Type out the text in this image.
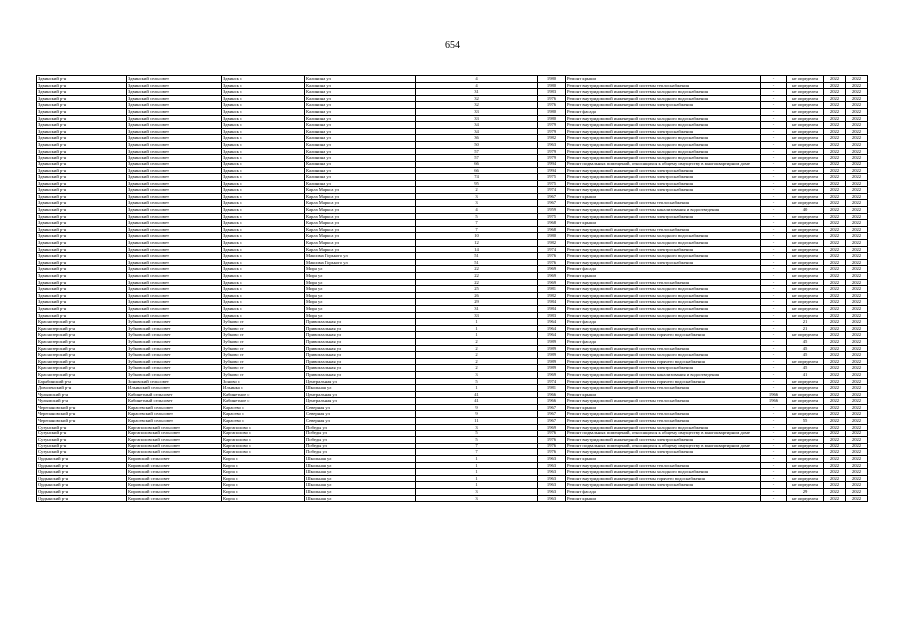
654
Здвинский р-н	Здвинский сельсовет	Здвинск с	Калинина ул	4	1980	Ремонт крыши	-	не определен	2022	2022
Здвинский р-н	Здвинский сельсовет	Здвинск с	Калинина ул	4	1980	Ремонт внутридомовой инженерной системы теплоснабжения	-	не определен	2022	2022
Здвинский р-н	Здвинский сельсовет	Здвинск с	Калинина ул	31	1983	Ремонт внутридомовой инженерной системы холодного водоснабжения	-	не определен	2022	2022
Здвинский р-н	Здвинский сельсовет	Здвинск с	Калинина ул	32	1976	Ремонт внутридомовой инженерной системы холодного водоснабжения	-	не определен	2022	2022
Здвинский р-н	Здвинский сельсовет	Здвинск с	Калинина ул	32	1976	Ремонт внутридомовой инженерной системы электроснабжения	-	не определен	2022	2022
Здвинский р-н	Здвинский сельсовет	Здвинск с	Калинина ул	33	1980	Ремонт фасада	-	не определен	2022	2022
Здвинский р-н	Здвинский сельсовет	Здвинск с	Калинина ул	33	1980	Ремонт внутридомовой инженерной системы холодного водоснабжения	-	не определен	2022	2022
Здвинский р-н	Здвинский сельсовет	Здвинск с	Калинина ул	34	1979	Ремонт внутридомовой инженерной системы холодного водоснабжения	-	не определен	2022	2022
Здвинский р-н	Здвинский сельсовет	Здвинск с	Калинина ул	34	1979	Ремонт внутридомовой инженерной системы электроснабжения	-	не определен	2022	2022
Здвинский р-н	Здвинский сельсовет	Здвинск с	Калинина ул	36	1982	Ремонт внутридомовой инженерной системы холодного водоснабжения	-	не определен	2022	2022
Здвинский р-н	Здвинский сельсовет	Здвинск с	Калинина ул	50	1963	Ремонт внутридомовой инженерной системы холодного водоснабжения	-	не определен	2022	2022
Здвинский р-н	Здвинский сельсовет	Здвинск с	Калинина ул	57	1979	Ремонт внутридомовой инженерной системы холодного водоснабжения	-	не определен	2022	2022
Здвинский р-н	Здвинский сельсовет	Здвинск с	Калинина ул	57	1979	Ремонт внутридомовой инженерной системы холодного водоснабжения	-	не определен	2022	2022
Здвинский р-н	Здвинский сельсовет	Здвинск с	Калинина ул	66	1994	Ремонт подвальных помещений, относящихся к общему имуществу в многоквартирном доме	-	не определен	2022	2022
Здвинский р-н	Здвинский сельсовет	Здвинск с	Калинина ул	66	1994	Ремонт внутридомовой инженерной системы электроснабжения	-	не определен	2022	2022
Здвинский р-н	Здвинский сельсовет	Здвинск с	Калинина ул	74	1975	Ремонт внутридомовой инженерной системы электроснабжения	-	не определен	2022	2022
Здвинский р-н	Здвинский сельсовет	Здвинск с	Калинина ул	95	1975	Ремонт внутридомовой инженерной системы электроснабжения	-	не определен	2022	2022
Здвинский р-н	Здвинский сельсовет	Здвинск с	Карла Маркса ул	2	1974	Ремонт внутридомовой инженерной системы электроснабжения	-	не определен	2022	2022
Здвинский р-н	Здвинский сельсовет	Здвинск с	Карла Маркса ул	3	1967	Ремонт крыши	-	не определен	2022	2022
Здвинский р-н	Здвинский сельсовет	Здвинск с	Карла Маркса ул	3	1967	Ремонт внутридомовой инженерной системы теплоснабжения	-	не определен	2022	2022
Здвинский р-н	Здвинский сельсовет	Здвинск с	Карла Маркса ул	4	1959	Ремонт внутридомовой инженерной системы канализования и водоотведения	-	40	2022	2022
Здвинский р-н	Здвинский сельсовет	Здвинск с	Карла Маркса ул	5	1975	Ремонт внутридомовой инженерной системы электроснабжения	-	не определен	2022	2022
Здвинский р-н	Здвинский сельсовет	Здвинск с	Карла Маркса ул	7	1968	Ремонт крыши	-	не определен	2022	2022
Здвинский р-н	Здвинский сельсовет	Здвинск с	Карла Маркса ул	7	1968	Ремонт внутридомовой инженерной системы теплоснабжения	-	не определен	2022	2022
Здвинский р-н	Здвинский сельсовет	Здвинск с	Карла Маркса ул	10	1980	Ремонт внутридомовой инженерной системы холодного водоснабжения	-	не определен	2022	2022
Здвинский р-н	Здвинский сельсовет	Здвинск с	Карла Маркса ул	12	1982	Ремонт внутридомовой инженерной системы холодного водоснабжения	-	не определен	2022	2022
Здвинский р-н	Здвинский сельсовет	Здвинск с	Карла Маркса ул	14	1974	Ремонт внутридомовой инженерной системы электроснабжения	-	не определен	2022	2022
Здвинский р-н	Здвинский сельсовет	Здвинск с	Максима Горького ул	51	1976	Ремонт внутридомовой инженерной системы холодного водоснабжения	-	не определен	2022	2022
Здвинский р-н	Здвинский сельсовет	Здвинск с	Максима Горького ул	51	1976	Ремонт внутридомовой инженерной системы электроснабжения	-	не определен	2022	2022
Здвинский р-н	Здвинский сельсовет	Здвинск с	Мира ул	22	1969	Ремонт фасада	-	не определен	2022	2022
Здвинский р-н	Здвинский сельсовет	Здвинск с	Мира ул	22	1969	Ремонт крыши	-	не определен	2022	2022
Здвинский р-н	Здвинский сельсовет	Здвинск с	Мира ул	22	1969	Ремонт внутридомовой инженерной системы теплоснабжения	-	не определен	2022	2022
Здвинский р-н	Здвинский сельсовет	Здвинск с	Мира ул	25	1981	Ремонт внутридомовой инженерной системы холодного водоснабжения	-	не определен	2022	2022
Здвинский р-н	Здвинский сельсовет	Здвинск с	Мира ул	26	1982	Ремонт внутридомовой инженерной системы холодного водоснабжения	-	не определен	2022	2022
Здвинский р-н	Здвинский сельсовет	Здвинск с	Мира ул	29	1984	Ремонт внутридомовой инженерной системы холодного водоснабжения	-	не определен	2022	2022
Здвинский р-н	Здвинский сельсовет	Здвинск с	Мира ул	31	1984	Ремонт внутридомовой инженерной системы холодного водоснабжения	-	не определен	2022	2022
Здвинский р-н	Здвинский сельсовет	Здвинск с	Мира ул	33	1983	Ремонт внутридомовой инженерной системы холодного водоснабжения	-	не определен	2022	2022
Краснозерский р-н	Зубковский сельсовет	Зубково ст	Привокзальная ул	1	1964	Ремонт фасада	-	21	2022	2022
Краснозерский р-н	Зубковский сельсовет	Зубково ст	Привокзальная ул	1	1964	Ремонт внутридомовой инженерной системы холодного водоснабжения	-	21	2022	2022
Краснозерский р-н	Зубковский сельсовет	Зубково ст	Привокзальная ул	1	1964	Ремонт внутридомовой инженерной системы горячего водоснабжения	-	не определен	2022	2022
Краснозерский р-н	Зубковский сельсовет	Зубково ст	Привокзальная ул	2	1989	Ремонт фасада	-	45	2022	2022
Краснозерский р-н	Зубковский сельсовет	Зубково ст	Привокзальная ул	2	1989	Ремонт внутридомовой инженерной системы теплоснабжения	-	45	2022	2022
Краснозерский р-н	Зубковский сельсовет	Зубково ст	Привокзальная ул	2	1989	Ремонт внутридомовой инженерной системы холодного водоснабжения	-	45	2022	2022
Краснозерский р-н	Зубковский сельсовет	Зубково ст	Привокзальная ул	2	1989	Ремонт внутридомовой инженерной системы горячего водоснабжения	-	не определен	2022	2022
Краснозерский р-н	Зубковский сельсовет	Зубково ст	Привокзальная ул	2	1989	Ремонт внутридомовой инженерной системы электроснабжения	-	45	2022	2022
Краснозерский р-н	Зубковский сельсовет	Зубково ст	Привокзальная ул	3	1969	Ремонт внутридомовой инженерной системы канализования и водоотведения	-	41	2022	2022
Барабинский р-н	Зоновский сельсовет	Зоново с	Центральная ул	5	1974	Ремонт внутридомовой инженерной системы горячего водоснабжения	-	не определен	2022	2022
Доволенский р-н	Ильинский сельсовет	Ильинка с	Школьная ул	1	1981	Ремонт внутридомовой инженерной системы теплоснабжения	-	не определен	2022	2022
Чулымский р-н	Кабинетный сельсовет	Кабинетное с	Центральная ул	41	1966	Ремонт крыши	1966	не определен	2022	2022
Чулымский р-н	Кабинетный сельсовет	Кабинетное с	Центральная ул	41	1966	Ремонт внутридомовой инженерной системы теплоснабжения	1966	не определен	2022	2022
Черепановский р-н	Карасевский сельсовет	Карасево с	Северная ул	9	1967	Ремонт крыши	-	не определен	2022	2022
Черепановский р-н	Карасевский сельсовет	Карасево с	Северная ул	9	1967	Ремонт внутридомовой инженерной системы теплоснабжения	-	не определен	2022	2022
Черепановский р-н	Карасевский сельсовет	Карасево с	Северная ул	11	1967	Ремонт внутридомовой инженерной системы теплоснабжения	-	55	2022	2022
Сузунский р-н	Каргаполовский сельсовет	Каргаполово с	Победы ул	3	1969	Ремонт внутридомовой инженерной системы холодного водоснабжения	-	не определен	2022	2022
Сузунский р-н	Каргаполовский сельсовет	Каргаполово с	Победы ул	5	1976	Ремонт подвальных помещений, относящихся к общему имуществу в многоквартирном доме	-	не определен	2022	2022
Сузунский р-н	Каргаполовский сельсовет	Каргаполово с	Победы ул	5	1976	Ремонт внутридомовой инженерной системы электроснабжения	-	не определен	2022	2022
Сузунский р-н	Каргаполовский сельсовет	Каргаполово с	Победы ул	7	1976	Ремонт подвальных помещений, относящихся к общему имуществу в многоквартирном доме	-	не определен	2022	2022
Сузунский р-н	Каргаполовский сельсовет	Каргаполово с	Победы ул	7	1976	Ремонт внутридомовой инженерной системы электроснабжения	-	не определен	2022	2022
Ордынский р-н	Кировский сельсовет	Кирза с	Школьная ул	1	1963	Ремонт крыши	-	не определен	2022	2022
Ордынский р-н	Кировский сельсовет	Кирза с	Школьная ул	1	1963	Ремонт внутридомовой инженерной системы теплоснабжения	-	не определен	2022	2022
Ордынский р-н	Кировский сельсовет	Кирза с	Школьная ул	1	1963	Ремонт внутридомовой инженерной системы холодного водоснабжения	-	не определен	2022	2022
Ордынский р-н	Кировский сельсовет	Кирза с	Школьная ул	1	1963	Ремонт внутридомовой инженерной системы горячего водоснабжения	-	не определен	2022	2022
Ордынский р-н	Кировский сельсовет	Кирза с	Школьная ул	1	1963	Ремонт внутридомовой инженерной системы электроснабжения	-	не определен	2022	2022
Ордынский р-н	Кировский сельсовет	Кирза с	Школьная ул	3	1963	Ремонт фасада	-	29	2022	2022
Ордынский р-н	Кировский сельсовет	Кирза с	Школьная ул	3	1963	Ремонт крыши	-	не определен	2022	2022
